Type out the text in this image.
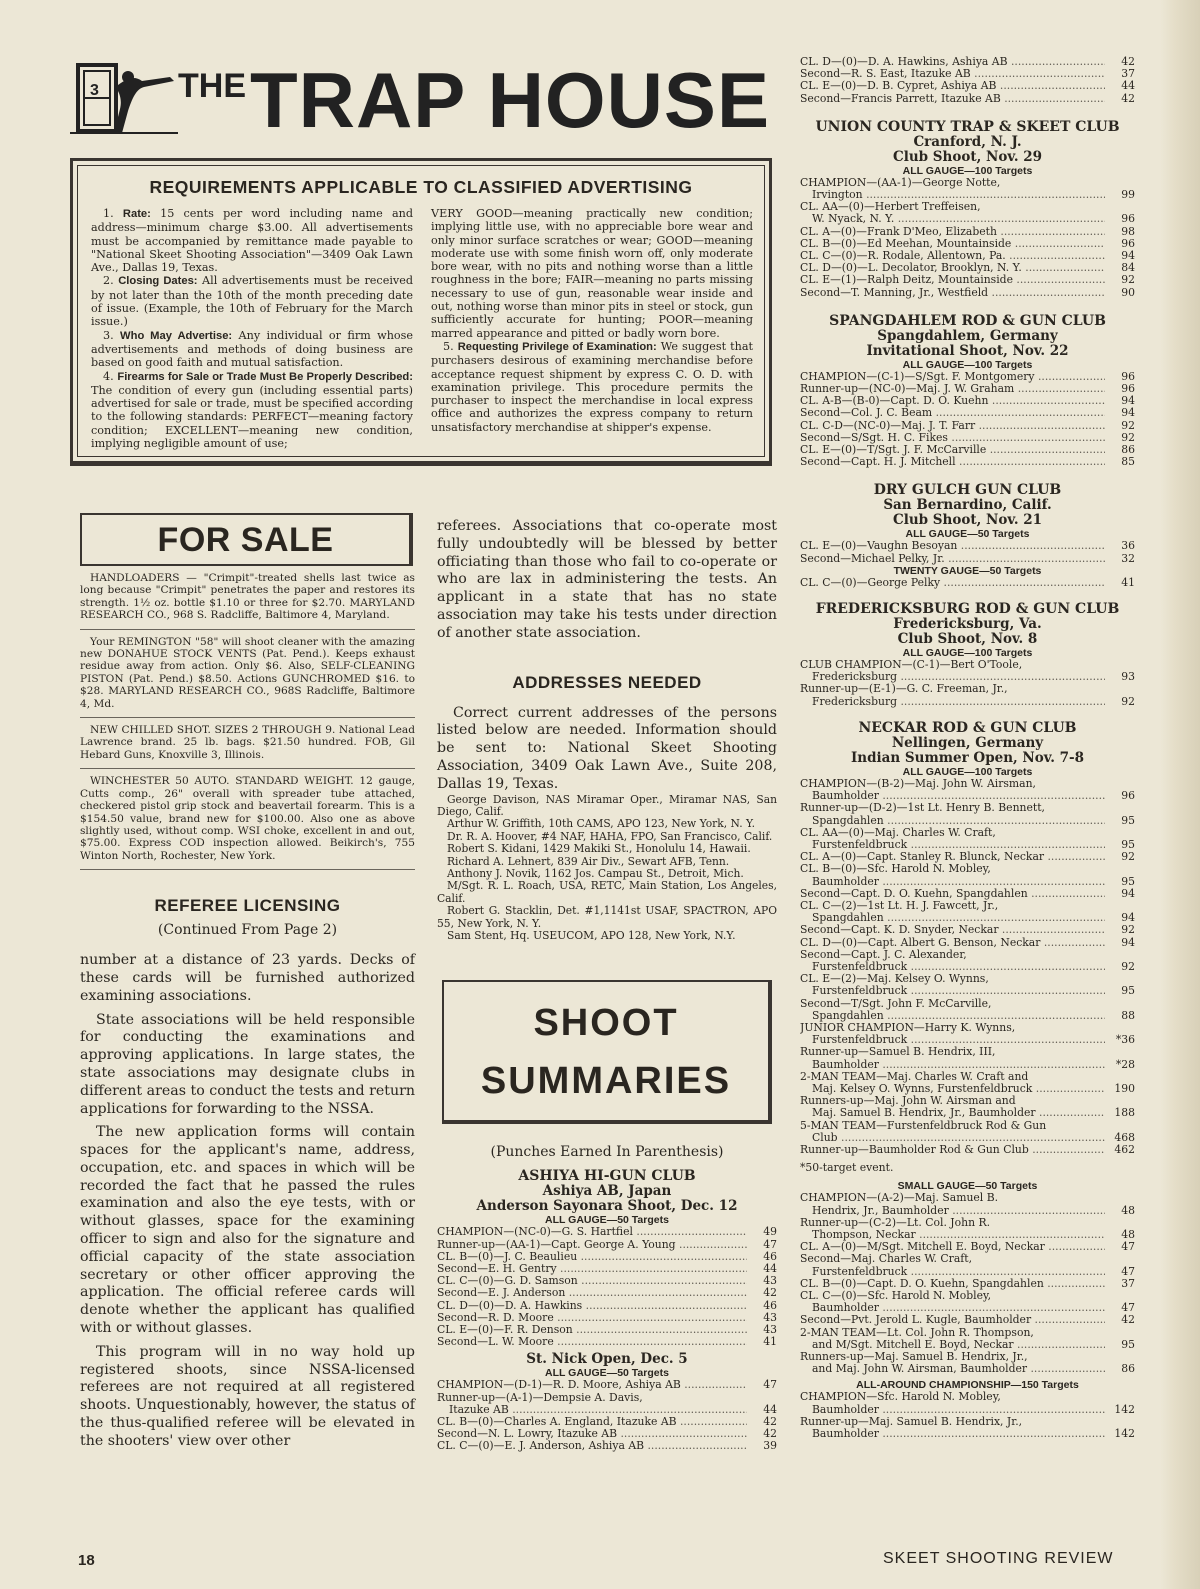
3 THE TRAP HOUSE
REQUIREMENTS APPLICABLE TO CLASSIFIED ADVERTISING

1. Rate: 15 cents per word including name and address—minimum charge $3.00. All advertisements must be accompanied by remittance made payable to "National Skeet Shooting Association"—3409 Oak Lawn Ave., Dallas 19, Texas.

2. Closing Dates: All advertisements must be received by not later than the 10th of the month preceding date of issue. (Example, the 10th of February for the March issue.)

3. Who May Advertise: Any individual or firm whose advertisements and methods of doing business are based on good faith and mutual satisfaction.

4. Firearms for Sale or Trade Must Be Properly Described: The condition of every gun (including essential parts) advertised for sale or trade, must be specified according to the following standards: PERFECT—meaning factory condition; EXCELLENT—meaning new condition, implying negligible amount of use;

VERY GOOD—meaning practically new condition; implying little use, with no appreciable bore wear and only minor surface scratches or wear; GOOD—meaning moderate use with some finish worn off, only moderate bore wear, with no pits and nothing worse than a little roughness in the bore; FAIR—meaning no parts missing necessary to use of gun, reasonable wear inside and out, nothing worse than minor pits in steel or stock, gun sufficiently accurate for hunting; POOR—meaning marred appearance and pitted or badly worn bore.

5. Requesting Privilege of Examination: We suggest that purchasers desirous of examining merchandise before acceptance request shipment by express C. O. D. with examination privilege. This procedure permits the purchaser to inspect the merchandise in local express office and authorizes the express company to return unsatisfactory merchandise at shipper's expense.

FOR SALE

HANDLOADERS — "Crimpit"-treated shells last twice as long because "Crimpit" penetrates the paper and restores its strength. 1½ oz. bottle $1.10 or three for $2.70. MARYLAND RESEARCH CO., 968 S. Radcliffe, Baltimore 4, Maryland.

Your REMINGTON "58" will shoot cleaner with the amazing new DONAHUE STOCK VENTS (Pat. Pend.). Keeps exhaust residue away from action. Only $6. Also, SELF-CLEANING PISTON (Pat. Pend.) $8.50. Actions GUNCHROMED $16. to $28. MARYLAND RESEARCH CO., 968S Radcliffe, Baltimore 4, Md.

NEW CHILLED SHOT. SIZES 2 THROUGH 9. National Lead Lawrence brand. 25 lb. bags. $21.50 hundred. FOB, Gil Hebard Guns, Knoxville 3, Illinois.

WINCHESTER 50 AUTO. STANDARD WEIGHT. 12 gauge, Cutts comp., 26" overall with spreader tube attached, checkered pistol grip stock and beavertail forearm. This is a $154.50 value, brand new for $100.00. Also one as above slightly used, without comp. WSI choke, excellent in and out, $75.00. Express COD inspection allowed. Beikirch's, 755 Winton North, Rochester, New York.

REFEREE LICENSING
(Continued From Page 2)

number at a distance of 23 yards. Decks of these cards will be furnished authorized examining associations.

State associations will be held responsible for conducting the examinations and approving applications. In large states, the state associations may designate clubs in different areas to conduct the tests and return applications for forwarding to the NSSA.

The new application forms will contain spaces for the applicant's name, address, occupation, etc. and spaces in which will be recorded the fact that he passed the rules examination and also the eye tests, with or without glasses, space for the examining officer to sign and also for the signature and official capacity of the state association secretary or other officer approving the application. The official referee cards will denote whether the applicant has qualified with or without glasses.

This program will in no way hold up registered shoots, since NSSA-licensed referees are not required at all registered shoots. Unquestionably, however, the status of the thus-qualified referee will be elevated in the shooters' view over other

referees. Associations that co-operate most fully undoubtedly will be blessed by better officiating than those who fail to co-operate or who are lax in administering the tests. An applicant in a state that has no state association may take his tests under direction of another state association.

ADDRESSES NEEDED

Correct current addresses of the persons listed below are needed. Information should be sent to: National Skeet Shooting Association, 3409 Oak Lawn Ave., Suite 208, Dallas 19, Texas.

George Davison, NAS Miramar Oper., Miramar NAS, San Diego, Calif.

Arthur W. Griffith, 10th CAMS, APO 123, New York, N. Y.

Dr. R. A. Hoover, #4 NAF, HAHA, FPO, San Francisco, Calif.

Robert S. Kidani, 1429 Makiki St., Honolulu 14, Hawaii.

Richard A. Lehnert, 839 Air Div., Sewart AFB, Tenn.

Anthony J. Novik, 1162 Jos. Campau St., Detroit, Mich.

M/Sgt. R. L. Roach, USA, RETC, Main Station, Los Angeles, Calif.

Robert G. Stacklin, Det. #1,1141st USAF, SPACTRON, APO 55, New York, N. Y.

Sam Stent, Hq. USEUCOM, APO 128, New York, N.Y.

SHOOT
SUMMARIES
(Punches Earned In Parenthesis)
ASHIYA HI-GUN CLUB
Ashiya AB, Japan
Anderson Sayonara Shoot, Dec. 12
ALL GAUGE—50 Targets
CHAMPION—(NC-0)—G. S. Hartfiel .....	49
Runner-up—(AA-1)—Capt. George A. Young .....	47
CL. B—(0)—J. C. Beaulieu .....	46
Second—E. H. Gentry .....	44
CL. C—(0)—G. D. Samson .....	43
Second—E. J. Anderson .....	42
CL. D—(0)—D. A. Hawkins .....	46
Second—R. D. Moore .....	43
CL. E—(0)—F. R. Denson .....	43
Second—L. W. Moore .....	41
St. Nick Open, Dec. 5
ALL GAUGE—50 Targets
CHAMPION—(D-1)—R. D. Moore, Ashiya AB .....	47
Runner-up—(A-1)—Dempsie A. Davis,
Itazuke AB .....	44
CL. B—(0)—Charles A. England, Itazuke AB .....	42
Second—N. L. Lowry, Itazuke AB .....	42
CL. C—(0)—E. J. Anderson, Ashiya AB .....	39
CL. D—(0)—D. A. Hawkins, Ashiya AB .....	42
Second—R. S. East, Itazuke AB .....	37
CL. E—(0)—D. B. Cypret, Ashiya AB .....	44
Second—Francis Parrett, Itazuke AB .....	42
UNION COUNTY TRAP & SKEET CLUB
Cranford, N. J.
Club Shoot, Nov. 29
ALL GAUGE—100 Targets
CHAMPION—(AA-1)—George Notte,
Irvington .....	99
CL. AA—(0)—Herbert Treffeisen,
W. Nyack, N. Y. .....	96
CL. A—(0)—Frank D'Meo, Elizabeth .....	98
CL. B—(0)—Ed Meehan, Mountainside .....	96
CL. C—(0)—R. Rodale, Allentown, Pa. .....	94
CL. D—(0)—L. Decolator, Brooklyn, N. Y. .....	84
CL. E—(1)—Ralph Deitz, Mountainside .....	92
Second—T. Manning, Jr., Westfield .....	90
SPANGDAHLEM ROD & GUN CLUB
Spangdahlem, Germany
Invitational Shoot, Nov. 22
ALL GAUGE—100 Targets
CHAMPION—(C-1)—S/Sgt. F. Montgomery .....	96
Runner-up—(NC-0)—Maj. J. W. Graham .....	96
CL. A-B—(B-0)—Capt. D. O. Kuehn .....	94
Second—Col. J. C. Beam .....	94
CL. C-D—(NC-0)—Maj. J. T. Farr .....	92
Second—S/Sgt. H. C. Fikes .....	92
CL. E—(0)—T/Sgt. J. F. McCarville .....	86
Second—Capt. H. J. Mitchell .....	85
DRY GULCH GUN CLUB
San Bernardino, Calif.
Club Shoot, Nov. 21
ALL GAUGE—50 Targets
CL. E—(0)—Vaughn Besoyan .....	36
Second—Michael Pelky, Jr. .....	32
TWENTY GAUGE—50 Targets
CL. C—(0)—George Pelky .....	41
FREDERICKSBURG ROD & GUN CLUB
Fredericksburg, Va.
Club Shoot, Nov. 8
ALL GAUGE—100 Targets
CLUB CHAMPION—(C-1)—Bert O'Toole,
Fredericksburg .....	93
Runner-up—(E-1)—G. C. Freeman, Jr.,
Fredericksburg .....	92
NECKAR ROD & GUN CLUB
Nellingen, Germany
Indian Summer Open, Nov. 7-8
ALL GAUGE—100 Targets
CHAMPION—(B-2)—Maj. John W. Airsman,
Baumholder .....	96
Runner-up—(D-2)—1st Lt. Henry B. Bennett,
Spangdahlen .....	95
CL. AA—(0)—Maj. Charles W. Craft,
Furstenfeldbruck .....	95
CL. A—(0)—Capt. Stanley R. Blunck, Neckar .....	92
CL. B—(0)—Sfc. Harold N. Mobley,
Baumholder .....	95
Second—Capt. D. O. Kuehn, Spangdahlen .....	94
CL. C—(2)—1st Lt. H. J. Fawcett, Jr.,
Spangdahlen .....	94
Second—Capt. K. D. Snyder, Neckar .....	92
CL. D—(0)—Capt. Albert G. Benson, Neckar .....	94
Second—Capt. J. C. Alexander,
Furstenfeldbruck .....	92
CL. E—(2)—Maj. Kelsey O. Wynns,
Furstenfeldbruck .....	95
Second—T/Sgt. John F. McCarville,
Spangdahlen .....	88
JUNIOR CHAMPION—Harry K. Wynns,
Furstenfeldbruck .....	*36
Runner-up—Samuel B. Hendrix, III,
Baumholder .....	*28
2-MAN TEAM—Maj. Charles W. Craft and
Maj. Kelsey O. Wynns, Furstenfeldbruck .....	190
Runners-up—Maj. John W. Airsman and
Maj. Samuel B. Hendrix, Jr., Baumholder .....	188
5-MAN TEAM—Furstenfeldbruck Rod & Gun
Club .....	468
Runner-up—Baumholder Rod & Gun Club .....	462
*50-target event.
SMALL GAUGE—50 Targets
CHAMPION—(A-2)—Maj. Samuel B.
Hendrix, Jr., Baumholder .....	48
Runner-up—(C-2)—Lt. Col. John R.
Thompson, Neckar .....	48
CL. A—(0)—M/Sgt. Mitchell E. Boyd, Neckar .....	47
Second—Maj. Charles W. Craft,
Furstenfeldbruck .....	47
CL. B—(0)—Capt. D. O. Kuehn, Spangdahlen .....	37
CL. C—(0)—Sfc. Harold N. Mobley,
Baumholder .....	47
Second—Pvt. Jerold L. Kugle, Baumholder .....	42
2-MAN TEAM—Lt. Col. John R. Thompson,
and M/Sgt. Mitchell E. Boyd, Neckar .....	95
Runners-up—Maj. Samuel B. Hendrix, Jr.,
and Maj. John W. Airsman, Baumholder .....	86
ALL-AROUND CHAMPIONSHIP—150 Targets
CHAMPION—Sfc. Harold N. Mobley,
Baumholder .....	142
Runner-up—Maj. Samuel B. Hendrix, Jr.,
Baumholder .....	142
18	SKEET SHOOTING REVIEW
